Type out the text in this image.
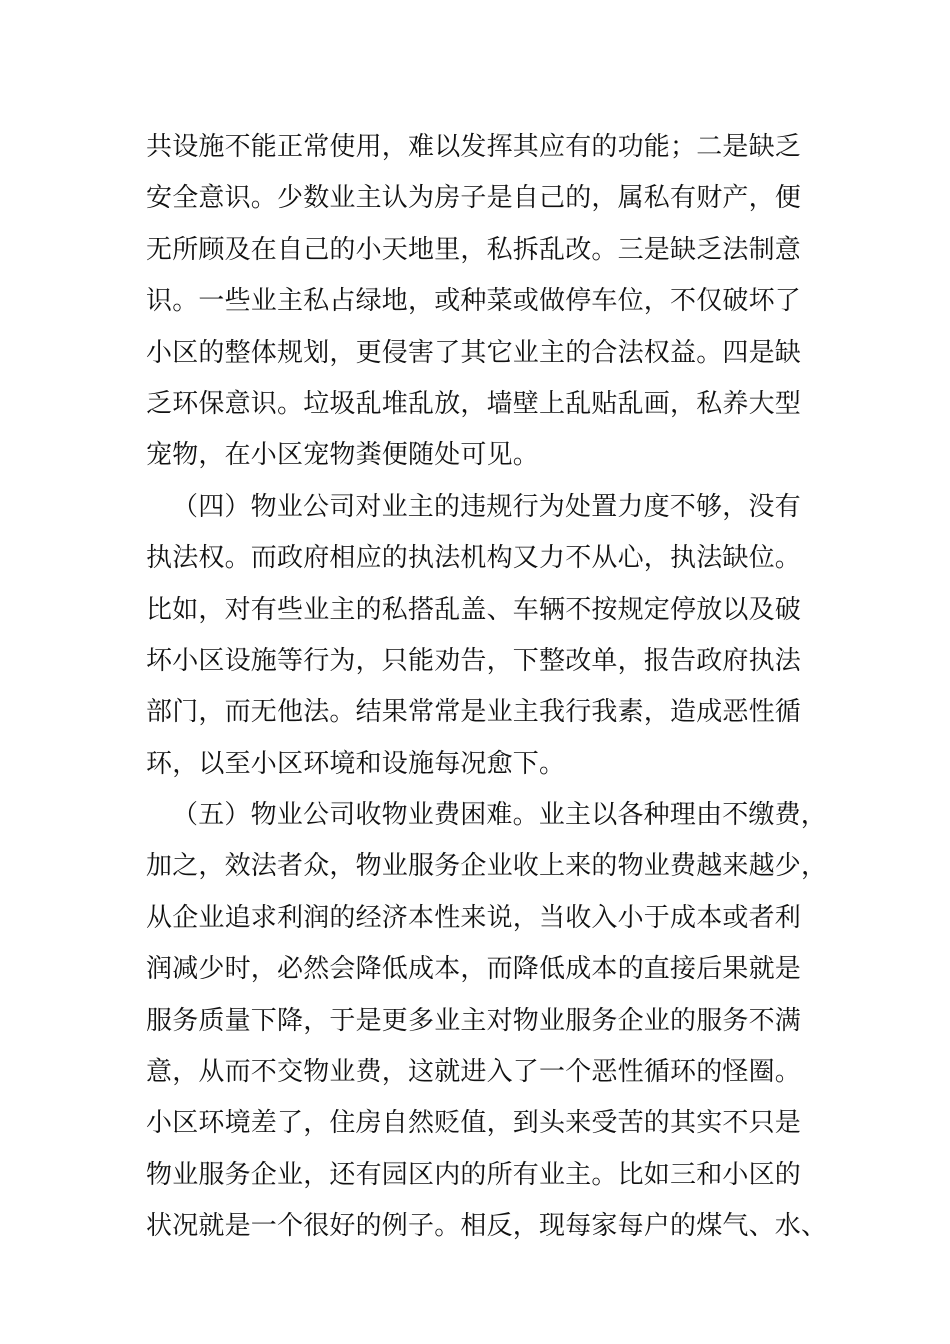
共设施不能正常使用，难以发挥其应有的功能；二是缺乏
安全意识。少数业主认为房子是自己的，属私有财产，便
无所顾及在自己的小天地里，私拆乱改。三是缺乏法制意
识。一些业主私占绿地，或种菜或做停车位，不仅破坏了
小区的整体规划，更侵害了其它业主的合法权益。四是缺
乏环保意识。垃圾乱堆乱放，墙壁上乱贴乱画，私养大型
宠物，在小区宠物粪便随处可见。
（四）物业公司对业主的违规行为处置力度不够，没有
执法权。而政府相应的执法机构又力不从心，执法缺位。
比如，对有些业主的私搭乱盖、车辆不按规定停放以及破
坏小区设施等行为，只能劝告，下整改单，报告政府执法
部门，而无他法。结果常常是业主我行我素，造成恶性循
环，以至小区环境和设施每况愈下。
（五）物业公司收物业费困难。业主以各种理由不缴费，
加之，效法者众，物业服务企业收上来的物业费越来越少，
从企业追求利润的经济本性来说，当收入小于成本或者利
润减少时，必然会降低成本，而降低成本的直接后果就是
服务质量下降，于是更多业主对物业服务企业的服务不满
意，从而不交物业费，这就进入了一个恶性循环的怪圈。
小区环境差了，住房自然贬值，到头来受苦的其实不只是
物业服务企业，还有园区内的所有业主。比如三和小区的
状况就是一个很好的例子。相反，现每家每户的煤气、水、
